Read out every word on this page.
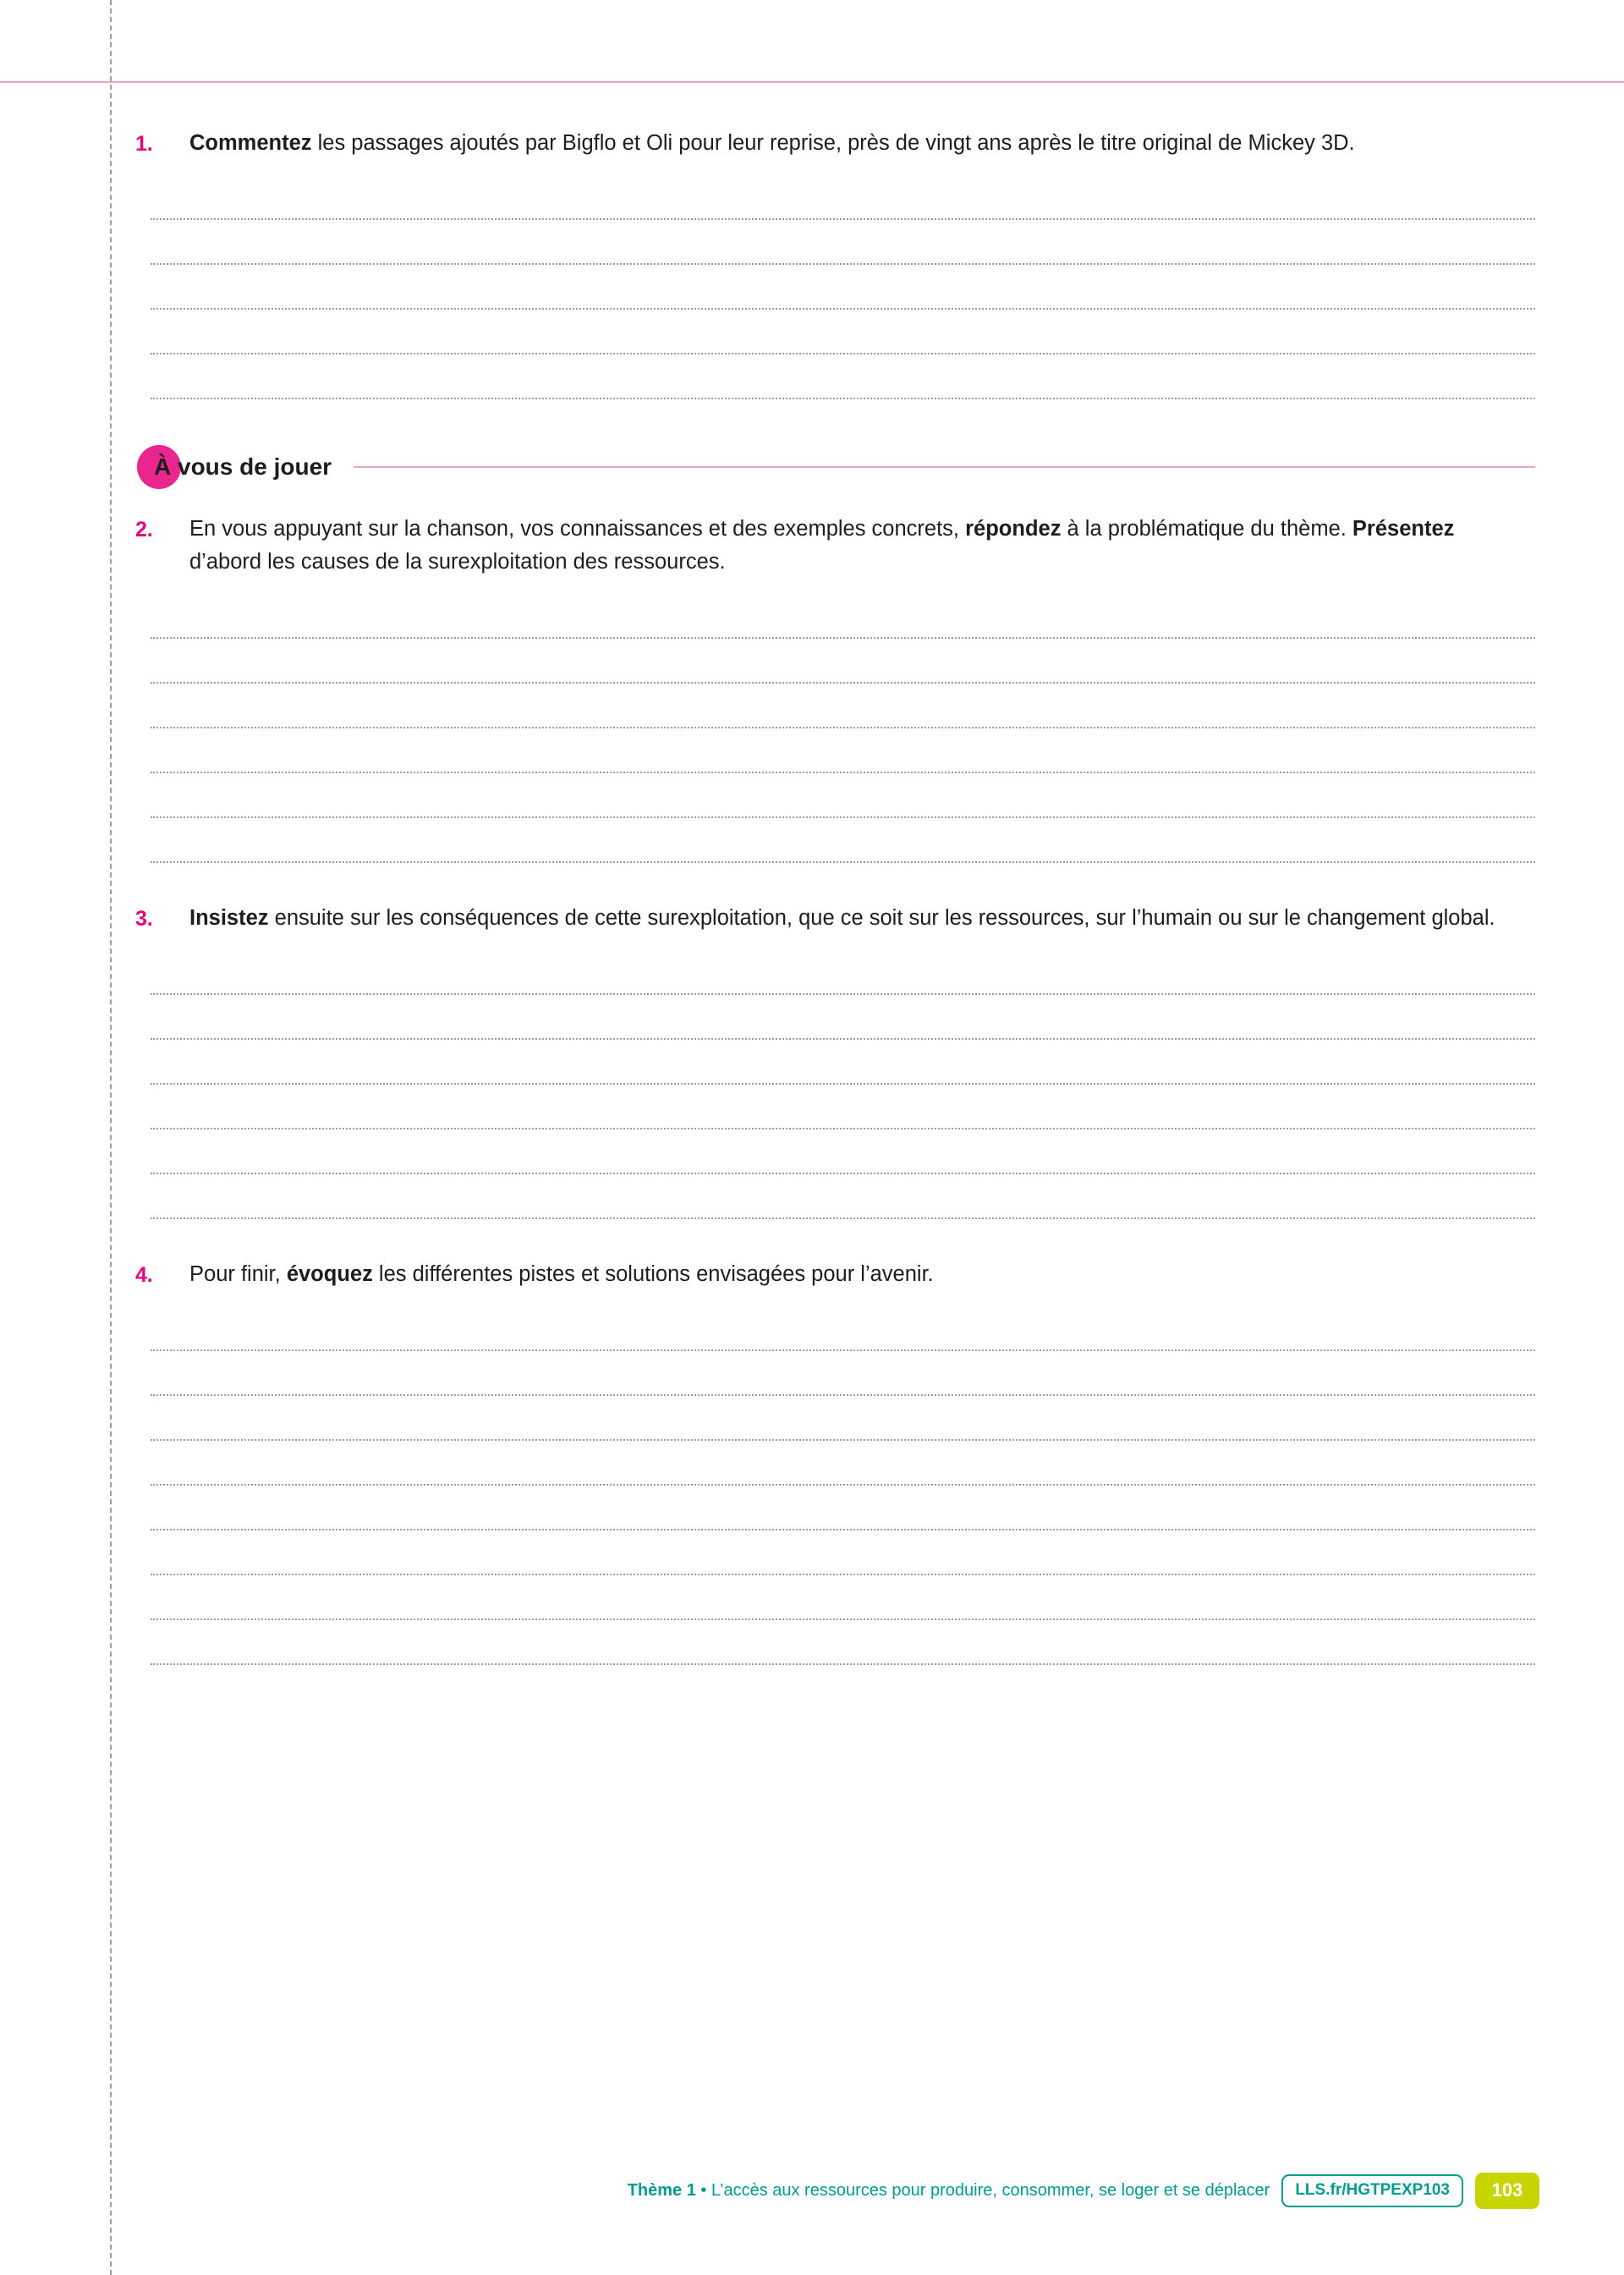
1.	Commentez les passages ajoutés par Bigflo et Oli pour leur reprise, près de vingt ans après le titre original de Mickey 3D.
À vous de jouer
2.	En vous appuyant sur la chanson, vos connaissances et des exemples concrets, répondez à la problématique du thème. Présentez d’abord les causes de la surexploitation des ressources.
3.	Insistez ensuite sur les conséquences de cette surexploitation, que ce soit sur les ressources, sur l’humain ou sur le changement global.
4.	Pour finir, évoquez les différentes pistes et solutions envisagées pour l’avenir.
Thème 1 • L’accès aux ressources pour produire, consommer, se loger et se déplacer	LLS.fr/HGTPEXP103	103
